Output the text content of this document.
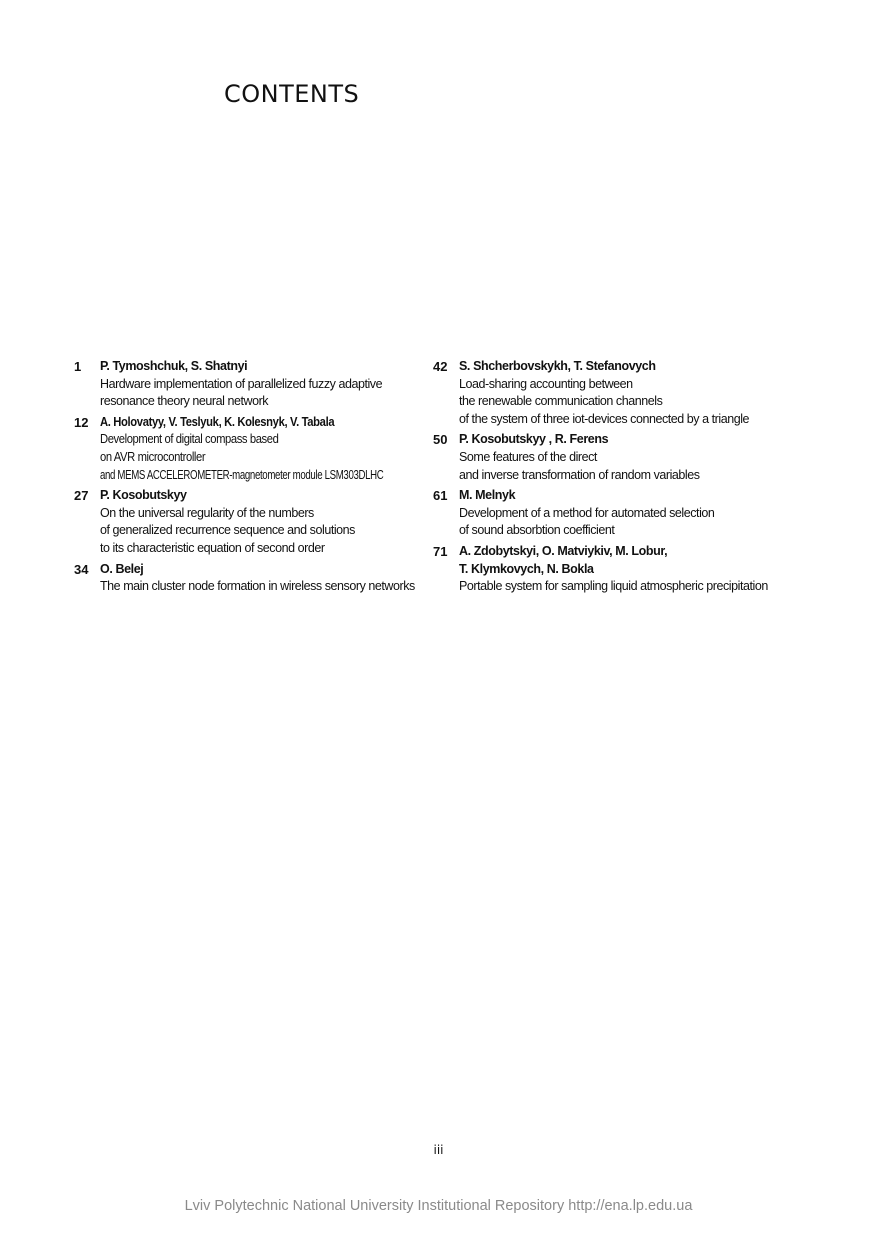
CONTENTS
1	P. Tymoshchuk, S. Shatnyi
Hardware implementation of parallelized fuzzy adaptive
resonance theory neural network
12 A. Holovatyy, V. Teslyuk, K. Kolesnyk, V. Tabala
Development of digital compass based
on AVR microcontroller
and MEMS ACCELEROMETER-magnetometer module LSM303DLHC
27 P. Kosobutskyy
On the universal regularity of the numbers
of generalized recurrence sequence and solutions
to its characteristic equation of second order
34 O. Belej
The main cluster node formation in wireless sensory networks
42 S. Shcherbovskykh, T. Stefanovych
Load-sharing accounting between
the renewable communication channels
of the system of three iot-devices connected by a triangle
50 P. Kosobutskyy , R. Ferens
Some features of the direct
and inverse transformation of random variables
61 M. Melnyk
Development of a method for automated selection
of sound absorbtion coefficient
71 A. Zdobytskyi, O. Matviykiv, M. Lobur,
T. Klymkovych, N. Bokla
Portable system for sampling liquid atmospheric precipitation
iii
Lviv Polytechnic National University Institutional Repository http://ena.lp.edu.ua
